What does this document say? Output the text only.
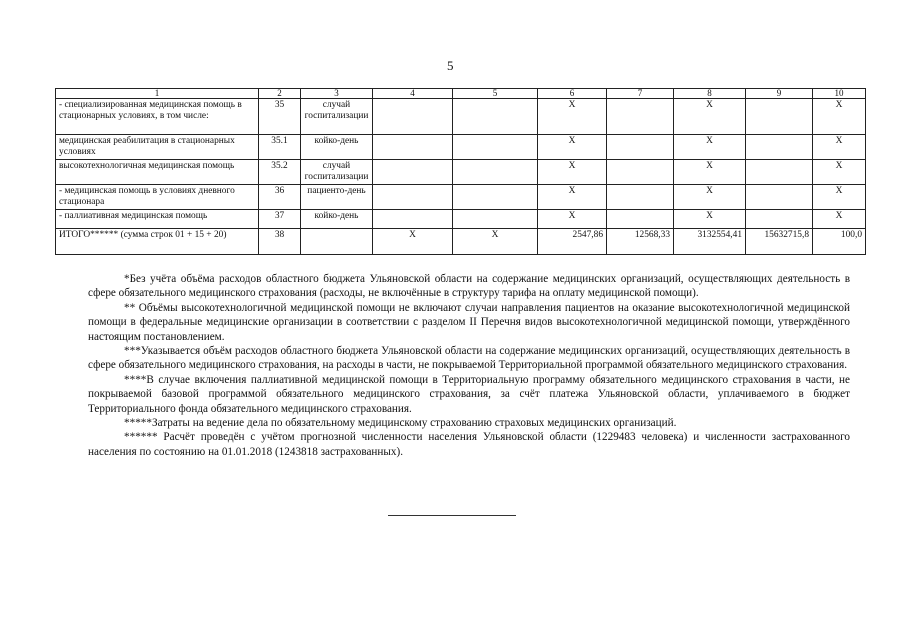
5
1	2	3	4	5	6	7	8	9	10
- специализированная медицинская помощь в стационарных условиях, в том числе:	35	случай госпитализации			X		X		X
медицинская реабилитация в стационарных условиях	35.1	койко-день			X		X		X
высокотехнологичная медицинская помощь	35.2	случай госпитализации			X		X		X
- медицинская помощь в условиях дневного стационара	36	пациенто-день			X		X		X
- паллиативная медицинская помощь	37	койко-день			X		X		X
ИТОГО****** (сумма строк 01 + 15 + 20)	38		X	X	2547,86	12568,33	3132554,41	15632715,8	100,0

*Без учёта объёма расходов областного бюджета Ульяновской области на содержание медицинских организаций, осуществляющих деятельность в сфере обязательного медицинского страхования (расходы, не включённые в структуру тарифа на оплату медицинской помощи).

** Объёмы высокотехнологичной медицинской помощи не включают случаи направления пациентов на оказание высокотехнологичной медицинской помощи в федеральные медицинские организации в соответствии с разделом II Перечня видов высокотехнологичной медицинской помощи, утверждённого настоящим постановлением.

***Указывается объём расходов областного бюджета Ульяновской области на содержание медицинских организаций, осуществляющих деятельность в сфере обязательного медицинского страхования, на расходы в части, не покрываемой Территориальной программой обязательного медицинского страхования.

****В случае включения паллиативной медицинской помощи в Территориальную программу обязательного медицинского страхования в части, не покрываемой базовой программой обязательного медицинского страхования, за счёт платежа Ульяновской области, уплачиваемого в бюджет Территориального фонда обязательного медицинского страхования.

*****Затраты на ведение дела по обязательному медицинскому страхованию страховых медицинских организаций.

****** Расчёт проведён с учётом прогнозной численности населения Ульяновской области (1229483 человека) и численности застрахованного населения по состоянию на 01.01.2018 (1243818 застрахованных).
